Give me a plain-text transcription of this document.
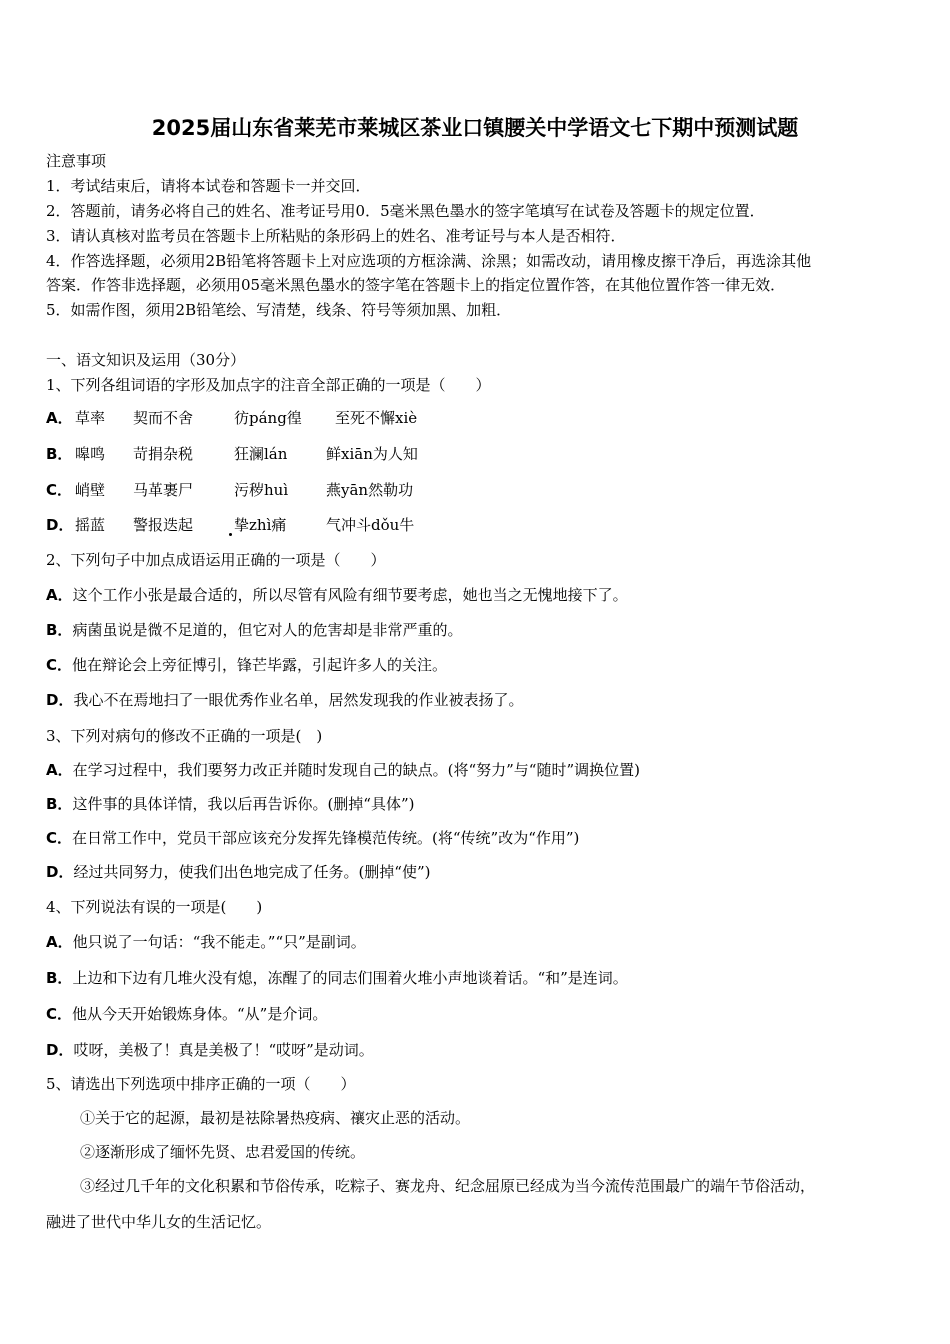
2025届山东省莱芜市莱城区茶业口镇腰关中学语文七下期中预测试题
注意事项
1．考试结束后，请将本试卷和答题卡一并交回．
2．答题前，请务必将自己的姓名、准考证号用0．5毫米黑色墨水的签字笔填写在试卷及答题卡的规定位置．
3．请认真核对监考员在答题卡上所粘贴的条形码上的姓名、准考证号与本人是否相符．
4．作答选择题，必须用2B铅笔将答题卡上对应选项的方框涂满、涂黑；如需改动，请用橡皮擦干净后，再选涂其他
答案．作答非选择题，必须用05毫米黑色墨水的签字笔在答题卡上的指定位置作答，在其他位置作答一律无效．
5．如需作图，须用2B铅笔绘、写清楚，线条、符号等须加黑、加粗．
一、语文知识及运用（30分）
1、下列各组词语的字形及加点字的注音全部正确的一项是（　　）
A． 草率 契而不舍	彷páng徨 至死不懈xiè
B． 嗥鸣 苛捐杂税	狂澜lán	鲜xiān为人知
C． 峭壁 马革裹尸	污秽huì	燕yān然勒功
D． 摇蓝 警报迭起	挚zhì痛	气冲斗dǒu牛
2、下列句子中加点成语运用正确的一项是（　　）
A．这个工作小张是最合适的，所以尽管有风险有细节要考虑，她也当之无愧地接下了。
B．病菌虽说是微不足道的，但它对人的危害却是非常严重的。
C．他在辩论会上旁征博引，锋芒毕露，引起许多人的关注。
D．我心不在焉地扫了一眼优秀作业名单，居然发现我的作业被表扬了。
3、下列对病句的修改不正确的一项是(　)
A．在学习过程中，我们要努力改正并随时发现自己的缺点。(将“努力”与“随时”调换位置)
B．这件事的具体详情，我以后再告诉你。(删掉“具体”)
C．在日常工作中，党员干部应该充分发挥先锋模范传统。(将“传统”改为“作用”)
D．经过共同努力，使我们出色地完成了任务。(删掉“使”)
4、下列说法有误的一项是(　　)
A．他只说了一句话：“我不能走。”“只”是副词。
B．上边和下边有几堆火没有熄，冻醒了的同志们围着火堆小声地谈着话。“和”是连词。
C．他从今天开始锻炼身体。“从”是介词。
D．哎呀，美极了！真是美极了！“哎呀”是动词。
5、请选出下列选项中排序正确的一项（　　）
①关于它的起源，最初是祛除暑热疫病、禳灾止恶的活动。
②逐渐形成了缅怀先贤、忠君爱国的传统。
③经过几千年的文化积累和节俗传承，吃粽子、赛龙舟、纪念屈原已经成为当今流传范围最广的端午节俗活动，
融进了世代中华儿女的生活记忆。
